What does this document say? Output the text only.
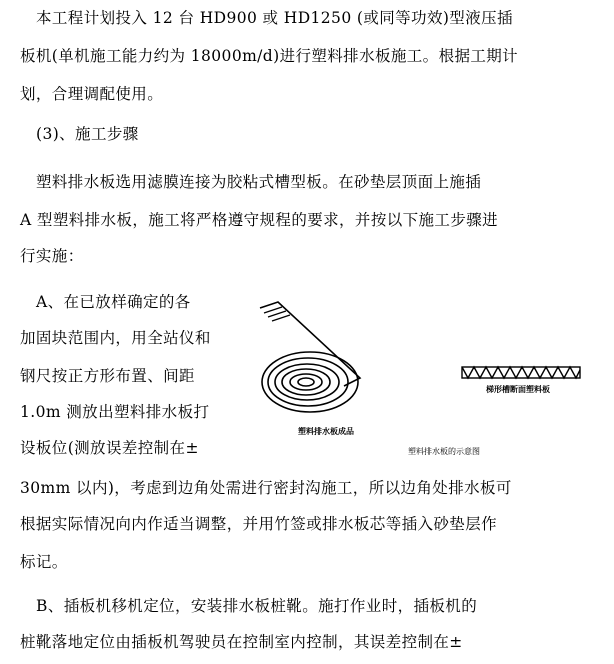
本工程计划投入 12 台 HD900 或 HD1250 (或同等功效)型液压插
板机(单机施工能力约为 18000m/d)进行塑料排水板施工。根据工期计
划，合理调配使用。
(3)、施工步骤
塑料排水板选用滤膜连接为胶粘式槽型板。在砂垫层顶面上施插
A 型塑料排水板，施工将严格遵守规程的要求，并按以下施工步骤进
行实施：
A、在已放样确定的各
加固块范围内，用全站仪和
钢尺按正方形布置、间距
1.0m 测放出塑料排水板打
设板位(测放误差控制在±
30mm 以内)，考虑到边角处需进行密封沟施工，所以边角处排水板可
根据实际情况向内作适当调整，并用竹签或排水板芯等插入砂垫层作
标记。
B、插板机移机定位，安装排水板桩靴。施打作业时，插板机的
桩靴落地定位由插板机驾驶员在控制室内控制，其误差控制在±
塑料排水板成品
梯形槽断面塑料板
塑料排水板的示意图
